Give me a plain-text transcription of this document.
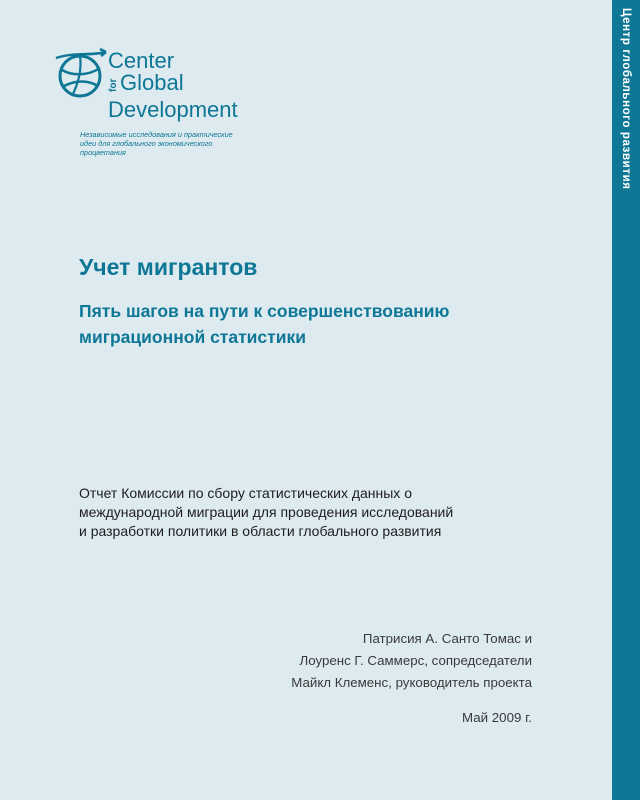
Center
forGlobal
Development
Независимые исследования и практические идеи для глобального экономического процветания
Учет мигрантов
Пять шагов на пути к совершенствованию миграционной статистики
Отчет Комиссии по сбору статистических данных о
международной миграции для проведения исследований
и разработки политики в области глобального развития
Патрисия А. Санто Томас и
Лоуренс Г. Саммерс, сопредседатели
Майкл Клеменс, руководитель проекта
Май 2009 г.
Центр глобального развития
